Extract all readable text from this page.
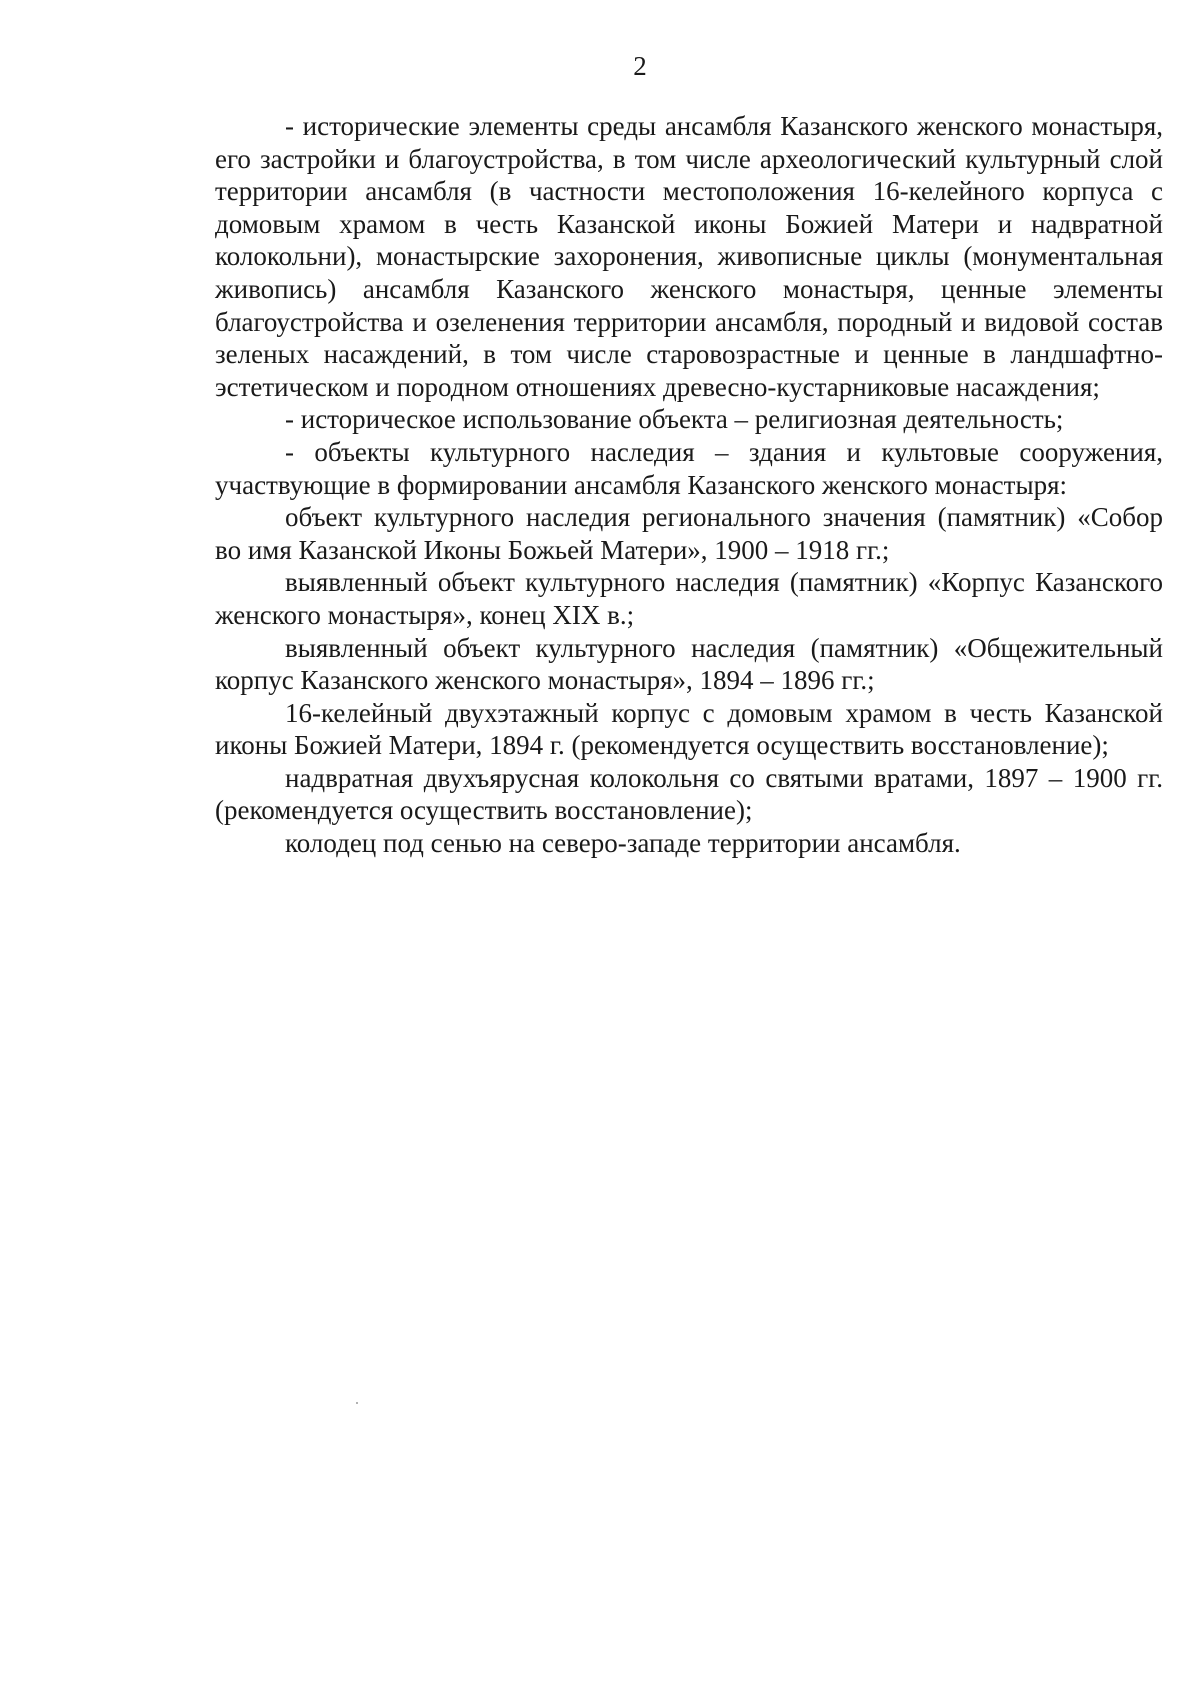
2

- исторические элементы среды ансамбля Казанского женского монастыря, его застройки и благоустройства, в том числе археологический культурный слой территории ансамбля (в частности местоположения 16-келейного корпуса с домовым храмом в честь Казанской иконы Божией Матери и надвратной колокольни), монастырские захоронения, живописные циклы (монументальная живопись) ансамбля Казанского женского монастыря, ценные элементы благоустройства и озеленения территории ансамбля, породный и видовой состав зеленых насаждений, в том числе старовозрастные и ценные в ландшафтно-эстетическом и породном отношениях древесно-кустарниковые насаждения;

- историческое использование объекта – религиозная деятельность;

- объекты культурного наследия – здания и культовые сооружения, участвующие в формировании ансамбля Казанского женского монастыря:

объект культурного наследия регионального значения (памятник) «Собор во имя Казанской Иконы Божьей Матери», 1900 – 1918 гг.;

выявленный объект культурного наследия (памятник) «Корпус Казанского женского монастыря», конец XIX в.;

выявленный объект культурного наследия (памятник) «Общежительный корпус Казанского женского монастыря», 1894 – 1896 гг.;

16-келейный двухэтажный корпус с домовым храмом в честь Казанской иконы Божией Матери, 1894 г. (рекомендуется осуществить восстановление);

надвратная двухъярусная колокольня со святыми вратами, 1897 – 1900 гг. (рекомендуется осуществить восстановление);

колодец под сенью на северо-западе территории ансамбля.
